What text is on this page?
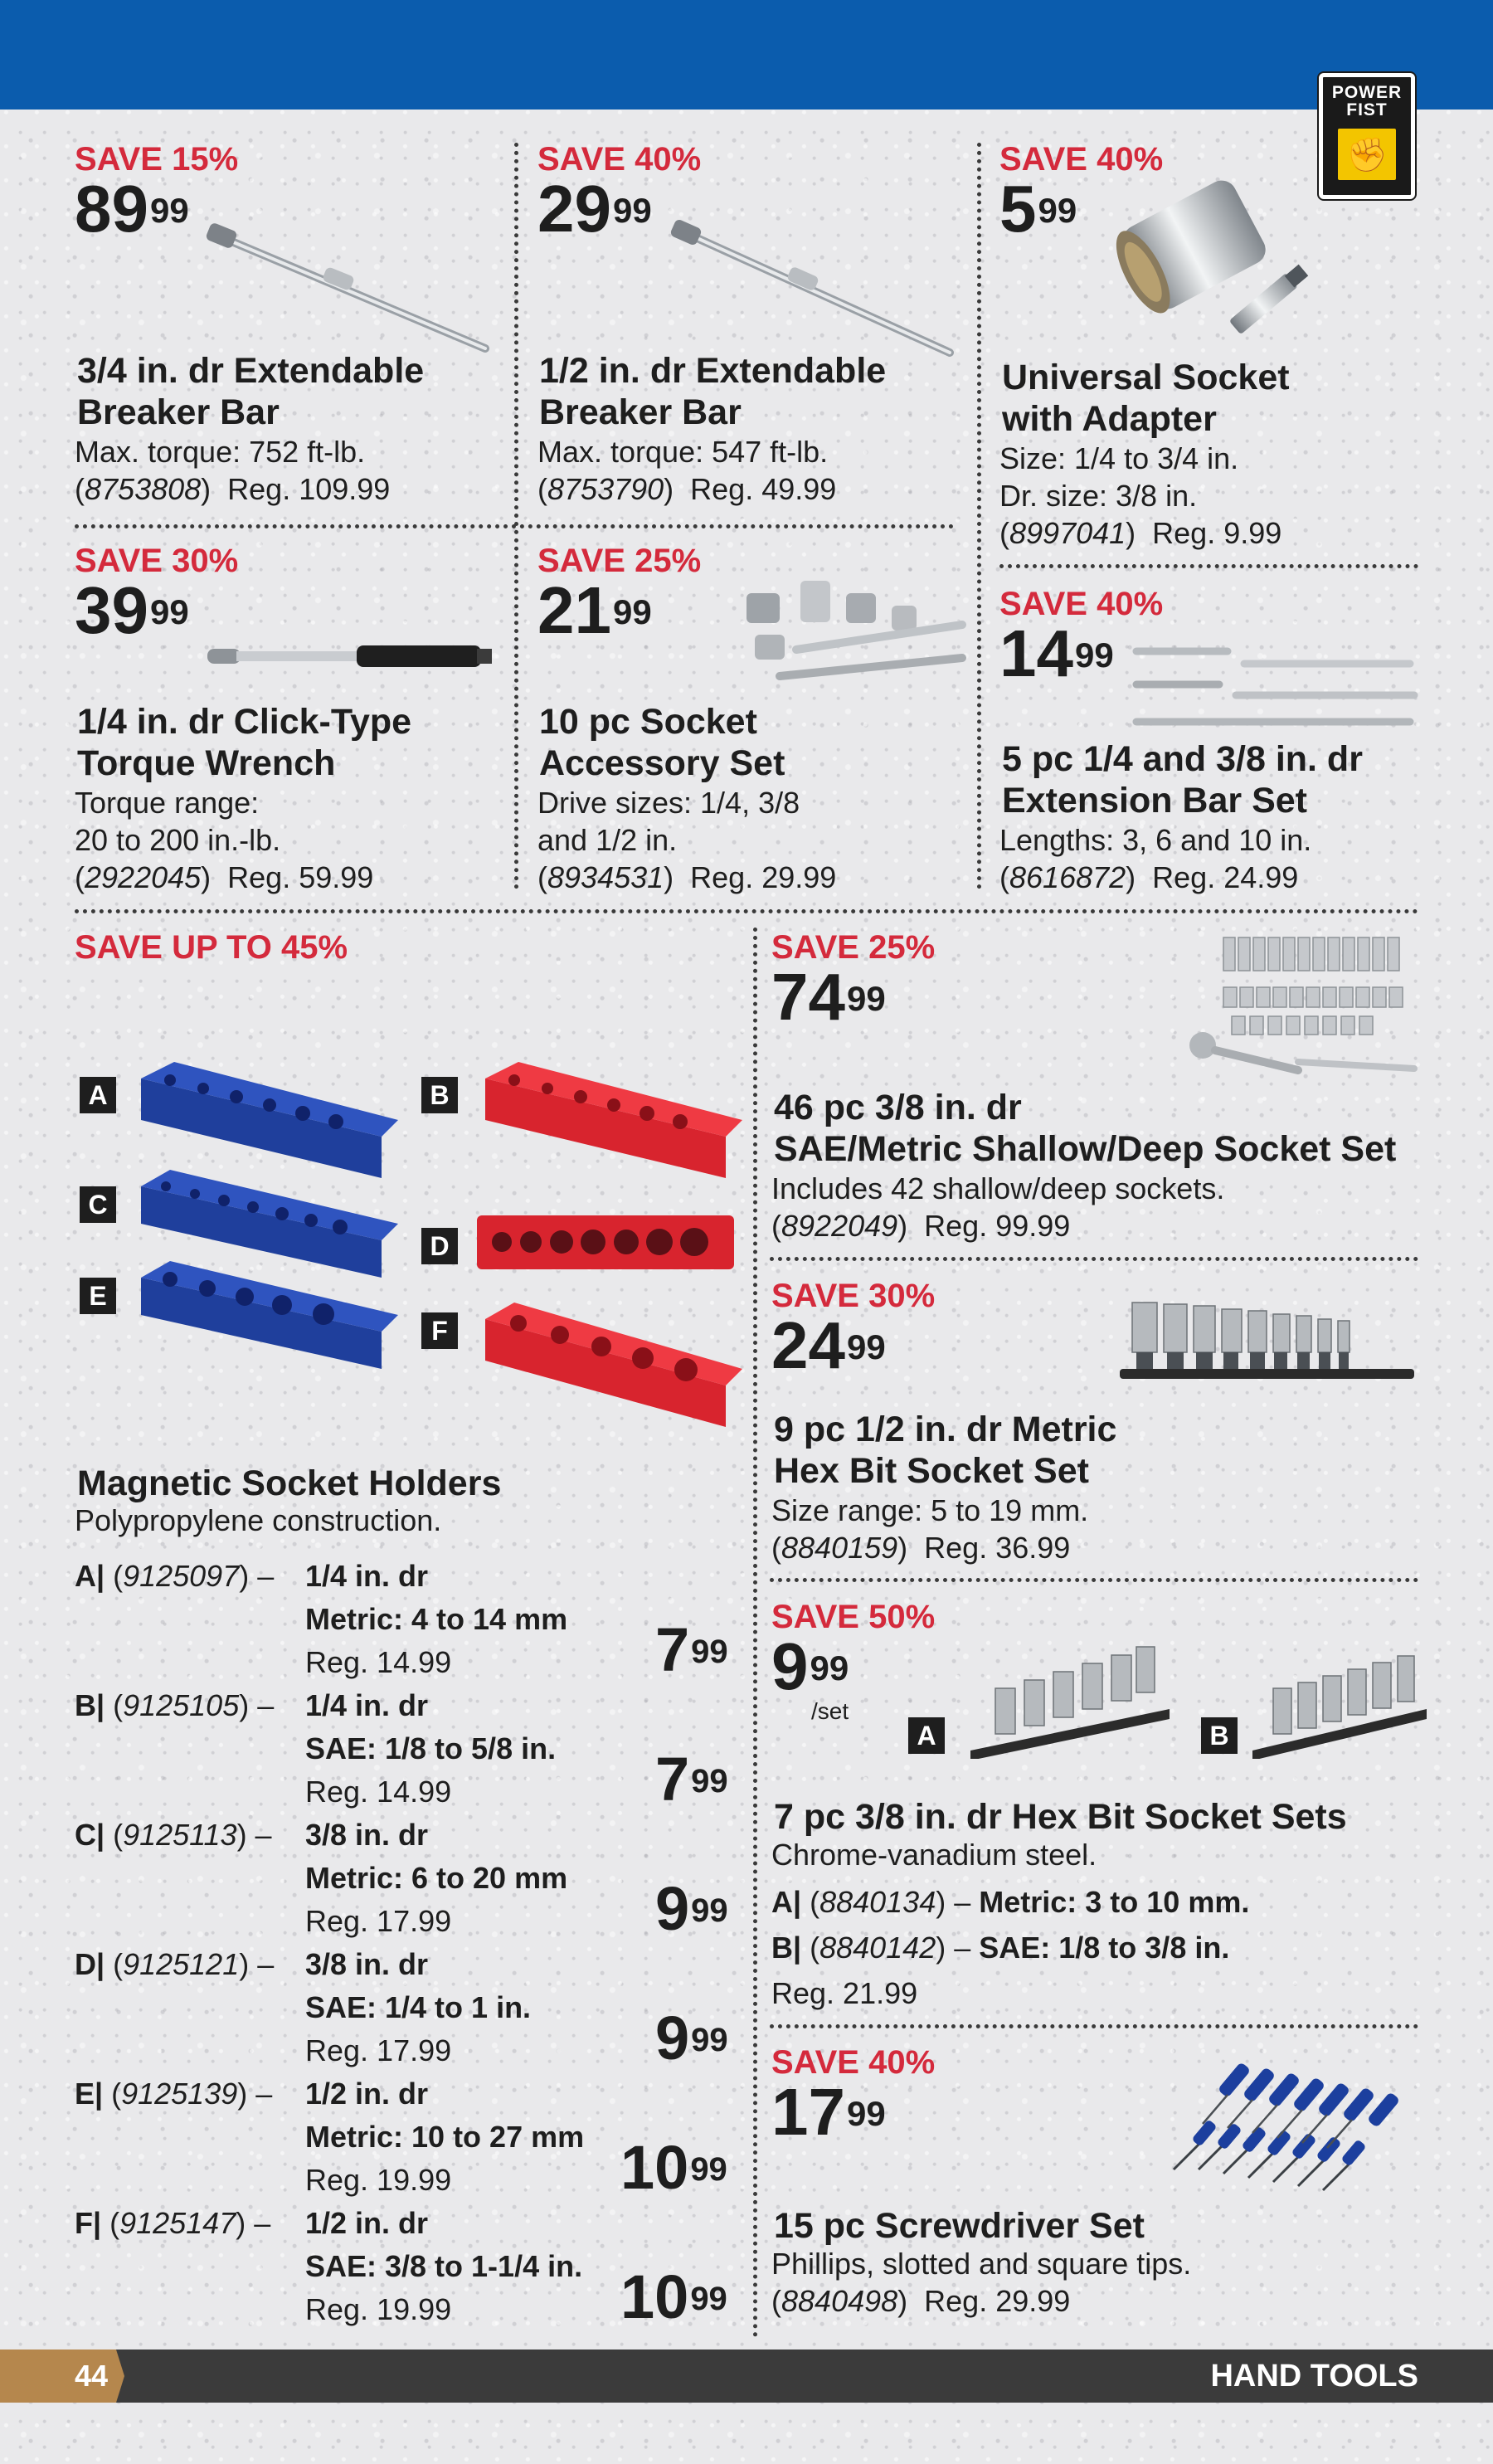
POWER
FIST
✊
SAVE 15%
$89^{99}$
3/4 in. dr Extendable
Breaker Bar
Max. torque: 752 ft-lb.
(8753808)  Reg. 109.99
SAVE 40%
$29^{99}$
1/2 in. dr Extendable
Breaker Bar
Max. torque: 547 ft-lb.
(8753790)  Reg. 49.99
SAVE 40%
$5^{99}$
Universal Socket
with Adapter
Size: 1/4 to 3/4 in.
Dr. size: 3/8 in.
(8997041)  Reg. 9.99
SAVE 30%
$39^{99}$
1/4 in. dr Click-Type
Torque Wrench
Torque range:
20 to 200 in.-lb.
(2922045)  Reg. 59.99
SAVE 25%
$21^{99}$
10 pc Socket
Accessory Set
Drive sizes: 1/4, 3/8
and 1/2 in.
(8934531)  Reg. 29.99
SAVE 40%
$14^{99}$
5 pc 1/4 and 3/8 in. dr
Extension Bar Set
Lengths: 3, 6 and 10 in.
(8616872)  Reg. 24.99
SAVE UP TO 45%
A	B
C
D
E
F
Magnetic Socket Holders
Polypropylene construction.
A| (9125097) – 1/4 in. dr
Metric: 4 to 14 mm
Reg. 14.99	$7^{99}$
B| (9125105) – 1/4 in. dr
SAE: 1/8 to 5/8 in.
Reg. 14.99	$7^{99}$
C| (9125113) – 3/8 in. dr
Metric: 6 to 20 mm
Reg. 17.99	$9^{99}$
D| (9125121) – 3/8 in. dr
SAE: 1/4 to 1 in.
Reg. 17.99	$9^{99}$
E| (9125139) – 1/2 in. dr
Metric: 10 to 27 mm
Reg. 19.99	$10^{99}$
F| (9125147) – 1/2 in. dr
SAE: 3/8 to 1-1/4 in.
Reg. 19.99	$10^{99}$
SAVE 25%
$74^{99}$
46 pc 3/8 in. dr
SAE/Metric Shallow/Deep Socket Set
Includes 42 shallow/deep sockets.
(8922049)  Reg. 99.99
SAVE 30%
$24^{99}$
9 pc 1/2 in. dr Metric
Hex Bit Socket Set
Size range: 5 to 19 mm.
(8840159)  Reg. 36.99
SAVE 50%
$9^{99}$
/set
A	B
7 pc 3/8 in. dr Hex Bit Socket Sets
Chrome-vanadium steel.
A| (8840134) – Metric: 3 to 10 mm.
B| (8840142) – SAE: 1/8 to 3/8 in.
Reg. 21.99
SAVE 40%
$17^{99}$
15 pc Screwdriver Set
Phillips, slotted and square tips.
(8840498)  Reg. 29.99
44	HAND TOOLS
